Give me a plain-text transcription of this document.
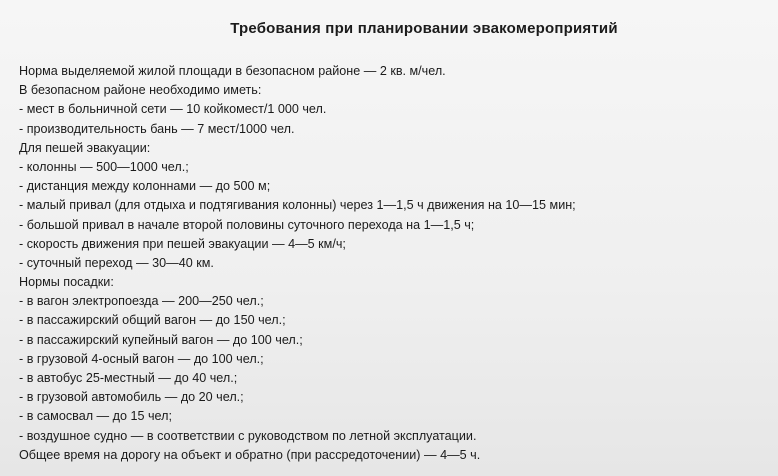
Требования при планировании эвакомероприятий
Норма выделяемой жилой площади в безопасном районе — 2 кв. м/чел.
В безопасном районе необходимо иметь:
- мест в больничной сети — 10 койкомест/1 000 чел.
- производительность бань — 7 мест/1000 чел.
Для пешей эвакуации:
- колонны — 500—1000 чел.;
- дистанция между колоннами — до 500 м;
- малый привал (для отдыха и подтягивания колонны) через 1—1,5 ч движения на 10—15 мин;
- большой привал в начале второй половины суточного перехода на 1—1,5 ч;
- скорость движения при пешей эвакуации — 4—5 км/ч;
- суточный переход — 30—40 км.
Нормы посадки:
- в вагон электропоезда — 200—250 чел.;
- в пассажирский общий вагон — до 150 чел.;
- в пассажирский купейный вагон — до 100 чел.;
- в грузовой 4-осный вагон — до 100 чел.;
- в автобус 25-местный — до 40 чел.;
- в грузовой автомобиль — до 20 чел.;
- в самосвал — до 15 чел;
- воздушное судно — в соответствии с руководством по летной эксплуатации.
Общее время на дорогу на объект и обратно (при рассредоточении) — 4—5 ч.
